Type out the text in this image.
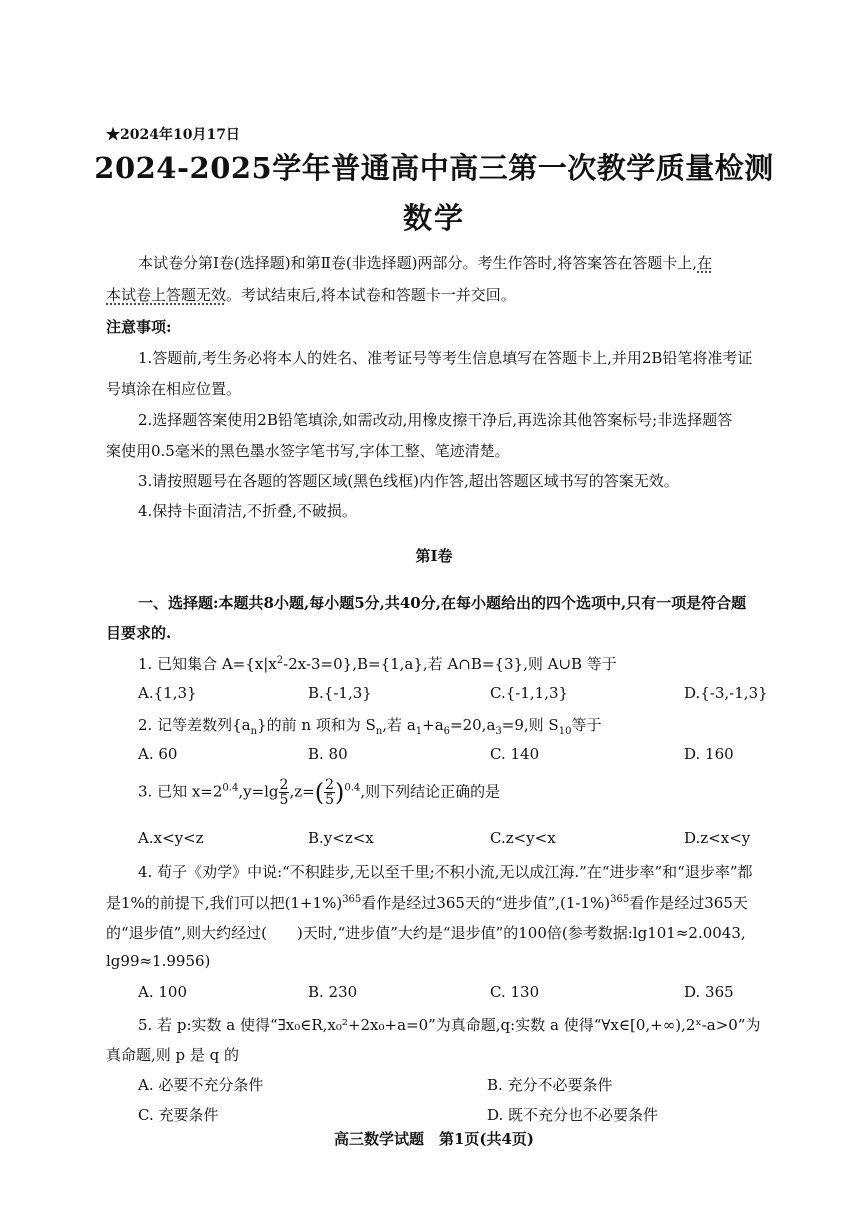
★2024年10月17日
2024-2025学年普通高中高三第一次教学质量检测
数学
本试卷分第Ⅰ卷(选择题)和第Ⅱ卷(非选择题)两部分。考生作答时,将答案答在答题卡上,在
本试卷上答题无效。考试结束后,将本试卷和答题卡一并交回。
注意事项:
1.答题前,考生务必将本人的姓名、准考证号等考生信息填写在答题卡上,并用2B铅笔将准考证
号填涂在相应位置。
2.选择题答案使用2B铅笔填涂,如需改动,用橡皮擦干净后,再选涂其他答案标号;非选择题答
案使用0.5毫米的黑色墨水签字笔书写,字体工整、笔迹清楚。
3.请按照题号在各题的答题区域(黑色线框)内作答,超出答题区域书写的答案无效。
4.保持卡面清洁,不折叠,不破损。
第Ⅰ卷
一、选择题:本题共8小题,每小题5分,共40分,在每小题给出的四个选项中,只有一项是符合题
目要求的.
1. 已知集合 $A=\{x|x^2-2x-3=0\},B=\{1,a\}$,若 A∩B={3},则 A∪B 等于
A.{1,3}	B.{-1,3}	C.{-1,1,3}	D.{-3,-1,3}
2. 记等差数列$\{a_n\}$的前 n 项和为 $S_n$,若 $a_1+a_6=20,a_3=9$,则 $S_{10}$等于
A. 60	B. 80	C. 140	D. 160
3. 已知 $x=2^{0.4},y=\lg \frac{2}{5} ,z=( \frac{2}{5} )^{0.4}$,则下列结论正确的是
A.x<y<z	B.y<z<x	C.z<y<x	D.z<x<y
4. 荀子《劝学》中说:“不积跬步,无以至千里;不积小流,无以成江海.”在“进步率”和“退步率”都
是1%的前提下,我们可以把$(1+1\%)^{365}$看作是经过365天的“进步值$”,(1-1\%)^{365}$看作是经过365天
的“退步值”,则大约经过(　　)天时,“进步值”大约是“退步值”的100倍(参考数据:lg101≈2.0043,
lg99≈1.9956)
A. 100	B. 230	C. 130	D. 365
5. 若 p:实数 a 使得“∃x₀∈R,x₀²+2x₀+a=0”为真命题,q:实数 a 使得“∀x∈[0,+∞),2ˣ-a>0”为
真命题,则 p 是 q 的
A. 必要不充分条件	B. 充分不必要条件
C. 充要条件	D. 既不充分也不必要条件
高三数学试题　第1页(共4页)
